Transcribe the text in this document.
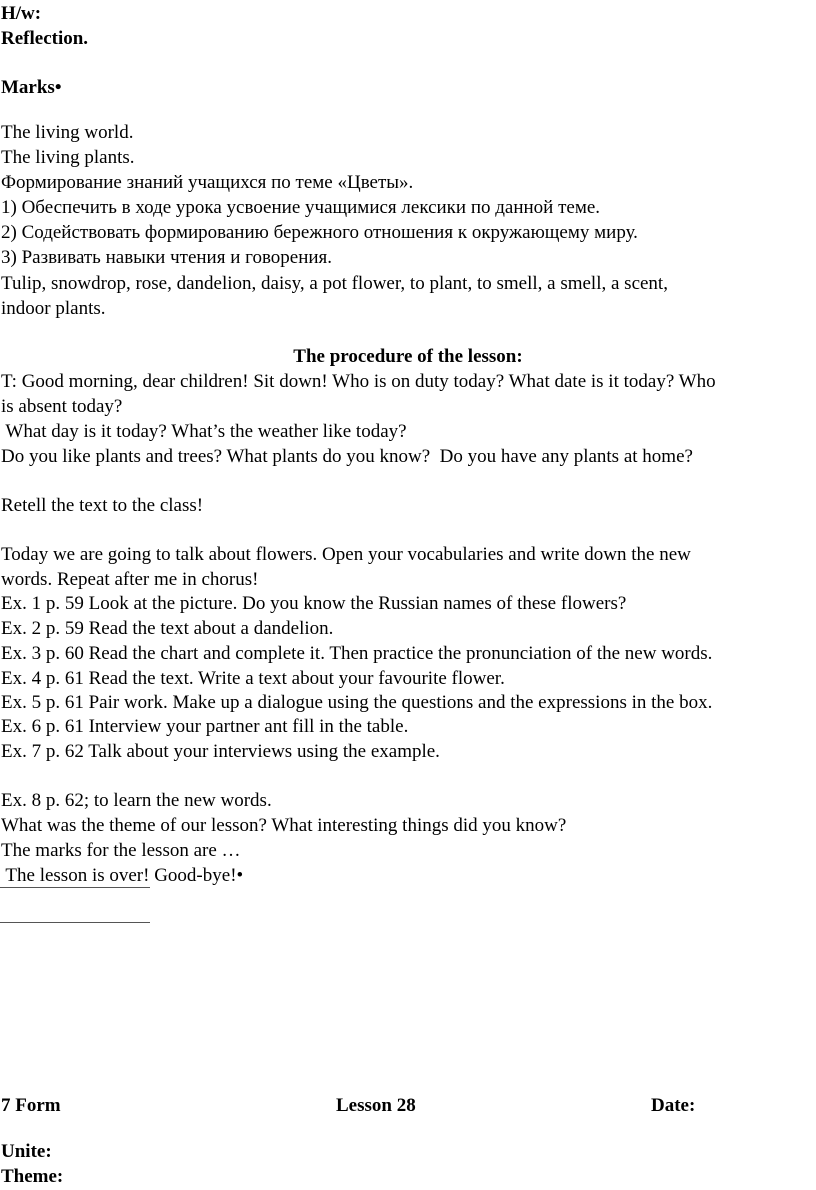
H/w:
Reflection.
Marks•
The living world.
The living plants.
Формирование знаний учащихся по теме «Цветы».
1) Обеспечить в ходе урока усвоение учащимися лексики по данной теме.
2) Содействовать формированию бережного отношения к окружающему миру.
3) Развивать навыки чтения и говорения.
Tulip, snowdrop, rose, dandelion, daisy, a pot flower, to plant, to smell, a smell, a scent,
indoor plants.
The procedure of the lesson:
T: Good morning, dear children! Sit down! Who is on duty today? What date is it today? Who
is absent today?
What day is it today? What’s the weather like today?
Do you like plants and trees? What plants do you know?  Do you have any plants at home?
Retell the text to the class!
Today we are going to talk about flowers. Open your vocabularies and write down the new
words. Repeat after me in chorus!
Ex. 1 p. 59 Look at the picture. Do you know the Russian names of these flowers?
Ex. 2 p. 59 Read the text about a dandelion.
Ex. 3 p. 60 Read the chart and complete it. Then practice the pronunciation of the new words.
Ex. 4 p. 61 Read the text. Write a text about your favourite flower.
Ex. 5 p. 61 Pair work. Make up a dialogue using the questions and the expressions in the box.
Ex. 6 p. 61 Interview your partner ant fill in the table.
Ex. 7 p. 62 Talk about your interviews using the example.
Ex. 8 p. 62; to learn the new words.
What was the theme of our lesson? What interesting things did you know?
The marks for the lesson are …
The lesson is over! Good-bye!•
7 Form	Lesson 28	Date:
Unite:
Theme:
